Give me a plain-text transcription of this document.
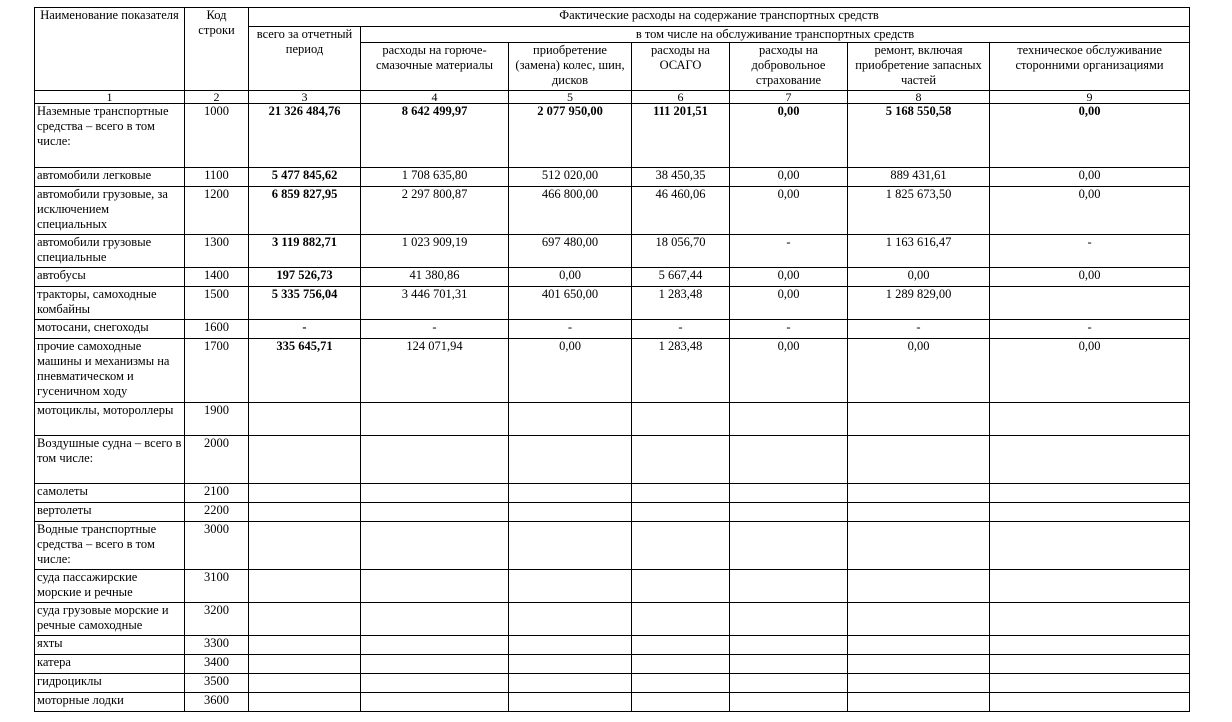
Наименование показателя	Код строки	Фактические расходы на содержание транспортных средств						
		всего за отчетный период	в том числе на обслуживание транспортных средств					
			расходы на горюче-смазочные материалы	приобретение (замена) колес, шин, дисков	расходы на ОСАГО	расходы на добровольное страхование	ремонт, включая приобретение запасных частей	техническое обслуживание сторонними организациями
1	2	3	4	5	6	7	8	9
Наземные транспортные средства – всего в том числе:	1000	21 326 484,76	8 642 499,97	2 077 950,00	111 201,51	0,00	5 168 550,58	0,00
автомобили легковые	1100	5 477 845,62	1 708 635,80	512 020,00	38 450,35	0,00	889 431,61	0,00
автомобили грузовые, за исключением специальных	1200	6 859 827,95	2 297 800,87	466 800,00	46 460,06	0,00	1 825 673,50	0,00
автомобили грузовые специальные	1300	3 119 882,71	1 023 909,19	697 480,00	18 056,70	-	1 163 616,47	-
автобусы	1400	197 526,73	41 380,86	0,00	5 667,44	0,00	0,00	0,00
тракторы, самоходные комбайны	1500	5 335 756,04	3 446 701,31	401 650,00	1 283,48	0,00	1 289 829,00	
мотосани, снегоходы	1600	-	-	-	-	-	-	-
прочие самоходные машины и механизмы на пневматическом и гусеничном ходу	1700	335 645,71	124 071,94	0,00	1 283,48	0,00	0,00	0,00
мотоциклы, мотороллеры	1900							
Воздушные судна – всего в том числе:	2000							
самолеты	2100							
вертолеты	2200							
Водные транспортные средства – всего в том числе:	3000							
суда пассажирские морские и речные	3100							
суда грузовые морские и речные самоходные	3200							
яхты	3300							
катера	3400							
гидроциклы	3500							
моторные лодки	3600							
